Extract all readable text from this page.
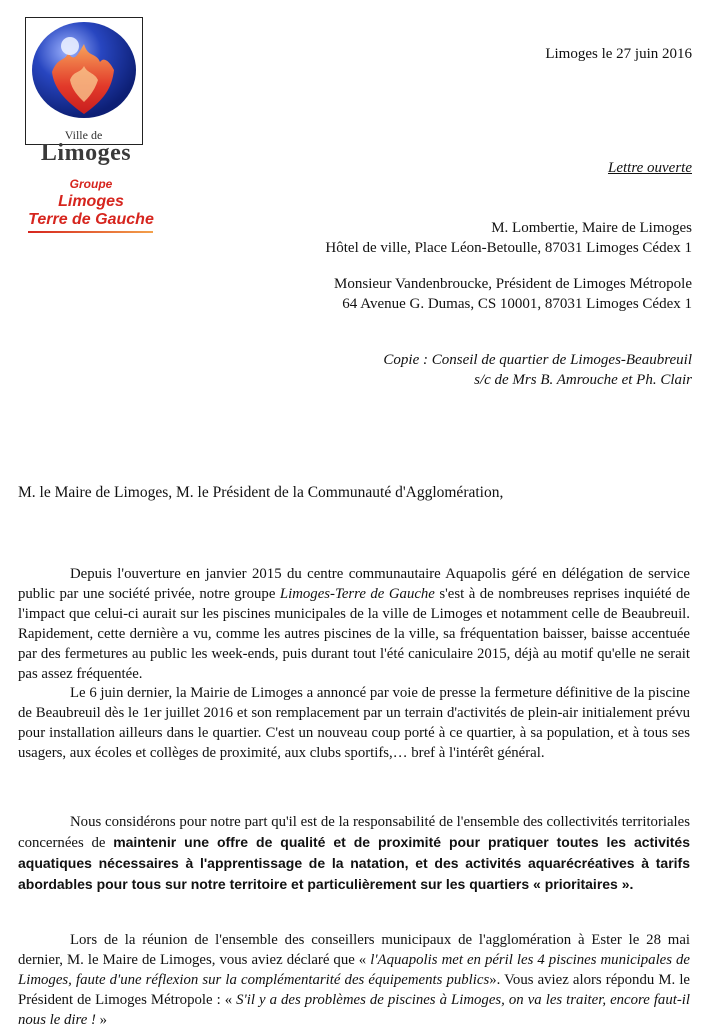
Ville de
Limoges
Groupe
Limoges
Terre de Gauche
Limoges le 27 juin 2016
Lettre ouverte
M. Lombertie, Maire de Limoges
Hôtel de ville, Place Léon-Betoulle, 87031 Limoges Cédex 1
Monsieur Vandenbroucke, Président de Limoges Métropole
64 Avenue G. Dumas, CS 10001, 87031 Limoges Cédex 1
Copie : Conseil de quartier de Limoges-Beaubreuil
s/c de Mrs B. Amrouche et Ph. Clair
M. le Maire de Limoges, M. le Président de la Communauté d'Agglomération,

Depuis l'ouverture en janvier 2015 du centre communautaire Aquapolis géré en délégation de service public par une société privée, notre groupe Limoges-Terre de Gauche s'est à de nombreuses reprises inquiété de l'impact que celui-ci aurait sur les piscines municipales de la ville de Limoges et notamment celle de Beaubreuil. Rapidement, cette dernière a vu, comme les autres piscines de la ville, sa fréquentation baisser, baisse accentuée par des fermetures au public les week-ends, puis durant tout l'été caniculaire 2015, déjà au motif qu'elle ne serait pas assez fréquentée.

Le 6 juin dernier, la Mairie de Limoges a annoncé par voie de presse la fermeture définitive de la piscine de Beaubreuil dès le 1er juillet 2016 et son remplacement par un terrain d'activités de plein-air initialement prévu pour installation ailleurs dans le quartier. C'est un nouveau coup porté à ce quartier, à sa population, et à tous ses usagers, aux écoles et collèges de proximité, aux clubs sportifs,… bref à l'intérêt général.

Nous considérons pour notre part qu'il est de la responsabilité de l'ensemble des collectivités territoriales concernées de maintenir une offre de qualité et de proximité pour pratiquer toutes les activités aquatiques nécessaires à l'apprentissage de la natation, et des activités aquarécréatives à tarifs abordables pour tous sur notre territoire et particulièrement sur les quartiers « prioritaires ».

Lors de la réunion de l'ensemble des conseillers municipaux de l'agglomération à Ester le 28 mai dernier, M. le Maire de Limoges, vous aviez déclaré que « l'Aquapolis met en péril les 4 piscines municipales de Limoges, faute d'une réflexion sur la complémentarité des équipements publics». Vous aviez alors répondu M. le Président de Limoges Métropole : « S'il y a des problèmes de piscines à Limoges, on va les traiter, encore faut-il nous le dire ! »
